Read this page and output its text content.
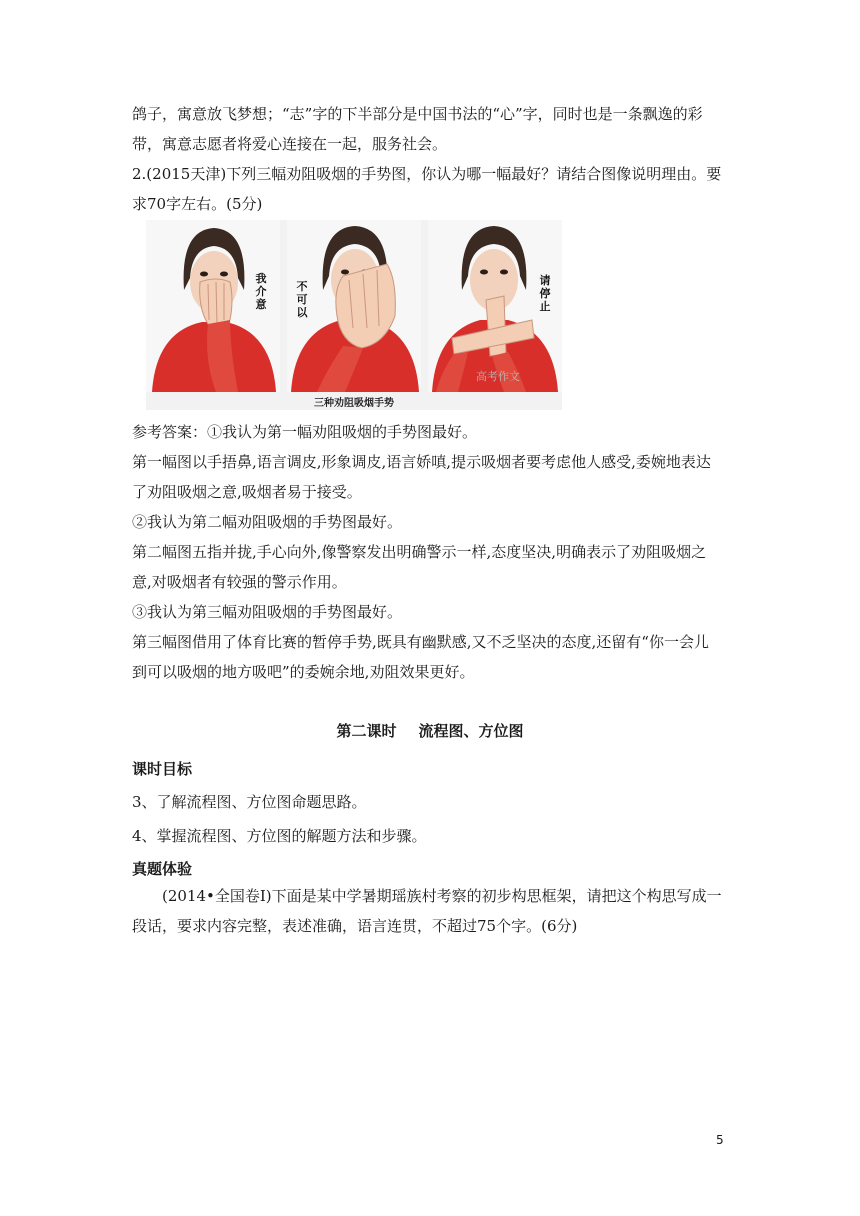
鸽子，寓意放飞梦想；“志”字的下半部分是中国书法的“心”字，同时也是一条飘逸的彩
带，寓意志愿者将爱心连接在一起，服务社会。
2.(2015天津)下列三幅劝阻吸烟的手势图，你认为哪一幅最好？请结合图像说明理由。要
求70字左右。(5分)
我介意
不可以
请停止
高考作文
三种劝阻吸烟手势
参考答案：①我认为第一幅劝阻吸烟的手势图最好。
第一幅图以手捂鼻,语言调皮,形象调皮,语言娇嗔,提示吸烟者要考虑他人感受,委婉地表达
了劝阻吸烟之意,吸烟者易于接受。
②我认为第二幅劝阻吸烟的手势图最好。
第二幅图五指并拢,手心向外,像警察发出明确警示一样,态度坚决,明确表示了劝阻吸烟之
意,对吸烟者有较强的警示作用。
③我认为第三幅劝阻吸烟的手势图最好。
第三幅图借用了体育比赛的暂停手势,既具有幽默感,又不乏坚决的态度,还留有“你一会儿
到可以吸烟的地方吸吧”的委婉余地,劝阻效果更好。
第二课时 流程图、方位图
课时目标
3、了解流程图、方位图命题思路。
4、掌握流程图、方位图的解题方法和步骤。
真题体验
(2014•全国卷Ⅰ)下面是某中学暑期瑶族村考察的初步构思框架，请把这个构思写成一
段话，要求内容完整，表述准确，语言连贯，不超过75个字。(6分)
5
